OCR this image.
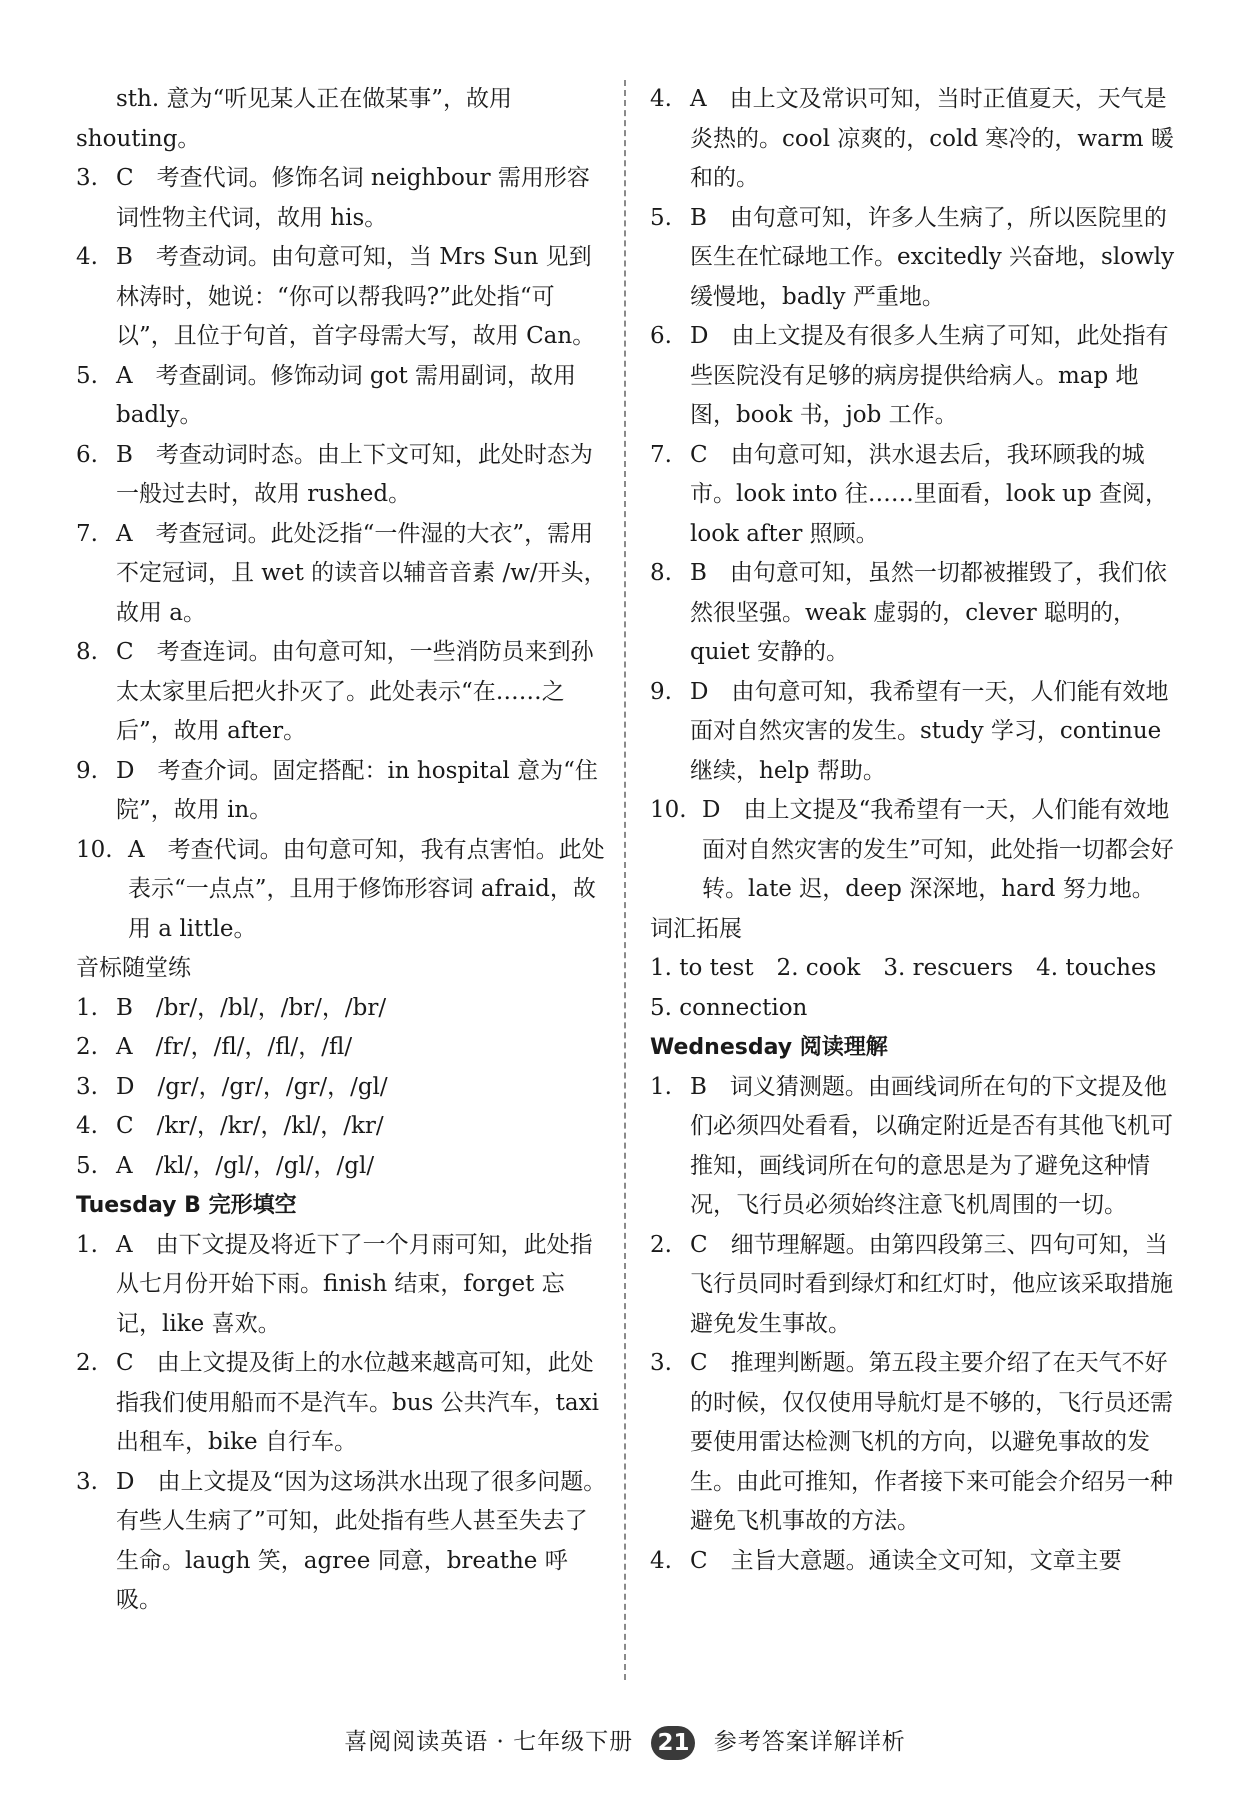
sth. 意为“听见某人正在做某事”，故用shouting。
3. C　考查代词。修饰名词 neighbour 需用形容词性物主代词，故用 his。
4. B　考查动词。由句意可知，当 Mrs Sun 见到林涛时，她说：“你可以帮我吗?”此处指“可以”，且位于句首，首字母需大写，故用 Can。
5. A　考查副词。修饰动词 got 需用副词，故用 badly。
6. B　考查动词时态。由上下文可知，此处时态为一般过去时，故用 rushed。
7. A　考查冠词。此处泛指“一件湿的大衣”，需用不定冠词，且 wet 的读音以辅音音素 /w/开头，故用 a。
8. C　考查连词。由句意可知，一些消防员来到孙太太家里后把火扑灭了。此处表示“在……之后”，故用 after。
9. D　考查介词。固定搭配：in hospital 意为“住院”，故用 in。
10. A　考查代词。由句意可知，我有点害怕。此处表示“一点点”，且用于修饰形容词 afraid，故用 a little。
音标随堂练
1. B　/br/，/bl/，/br/，/br/
2. A　/fr/，/fl/，/fl/，/fl/
3. D　/gr/，/gr/，/gr/，/gl/
4. C　/kr/，/kr/，/kl/，/kr/
5. A　/kl/，/gl/，/gl/，/gl/
Tuesday B 完形填空
1. A　由下文提及将近下了一个月雨可知，此处指从七月份开始下雨。finish 结束，forget 忘记，like 喜欢。
2. C　由上文提及街上的水位越来越高可知，此处指我们使用船而不是汽车。bus 公共汽车，taxi 出租车，bike 自行车。
3. D　由上文提及“因为这场洪水出现了很多问题。有些人生病了”可知，此处指有些人甚至失去了生命。laugh 笑，agree 同意，breathe 呼吸。
4. A　由上文及常识可知，当时正值夏天，天气是炎热的。cool 凉爽的，cold 寒冷的，warm 暖和的。
5. B　由句意可知，许多人生病了，所以医院里的医生在忙碌地工作。excitedly 兴奋地，slowly 缓慢地，badly 严重地。
6. D　由上文提及有很多人生病了可知，此处指有些医院没有足够的病房提供给病人。map 地图，book 书，job 工作。
7. C　由句意可知，洪水退去后，我环顾我的城市。look into 往……里面看，look up 查阅，look after 照顾。
8. B　由句意可知，虽然一切都被摧毁了，我们依然很坚强。weak 虚弱的，clever 聪明的，quiet 安静的。
9. D　由句意可知，我希望有一天，人们能有效地面对自然灾害的发生。study 学习，continue 继续，help 帮助。
10. D　由上文提及“我希望有一天，人们能有效地面对自然灾害的发生”可知，此处指一切都会好转。late 迟，deep 深深地，hard 努力地。
词汇拓展
1. to test　2. cook　3. rescuers　4. touches
5. connection
Wednesday 阅读理解
1. B　词义猜测题。由画线词所在句的下文提及他们必须四处看看，以确定附近是否有其他飞机可推知，画线词所在句的意思是为了避免这种情况，飞行员必须始终注意飞机周围的一切。
2. C　细节理解题。由第四段第三、四句可知，当飞行员同时看到绿灯和红灯时，他应该采取措施避免发生事故。
3. C　推理判断题。第五段主要介绍了在天气不好的时候，仅仅使用导航灯是不够的，飞行员还需要使用雷达检测飞机的方向，以避免事故的发生。由此可推知，作者接下来可能会介绍另一种避免飞机事故的方法。
4. C　主旨大意题。通读全文可知，文章主要
喜阅阅读英语 · 七年级下册 21 参考答案详解详析
